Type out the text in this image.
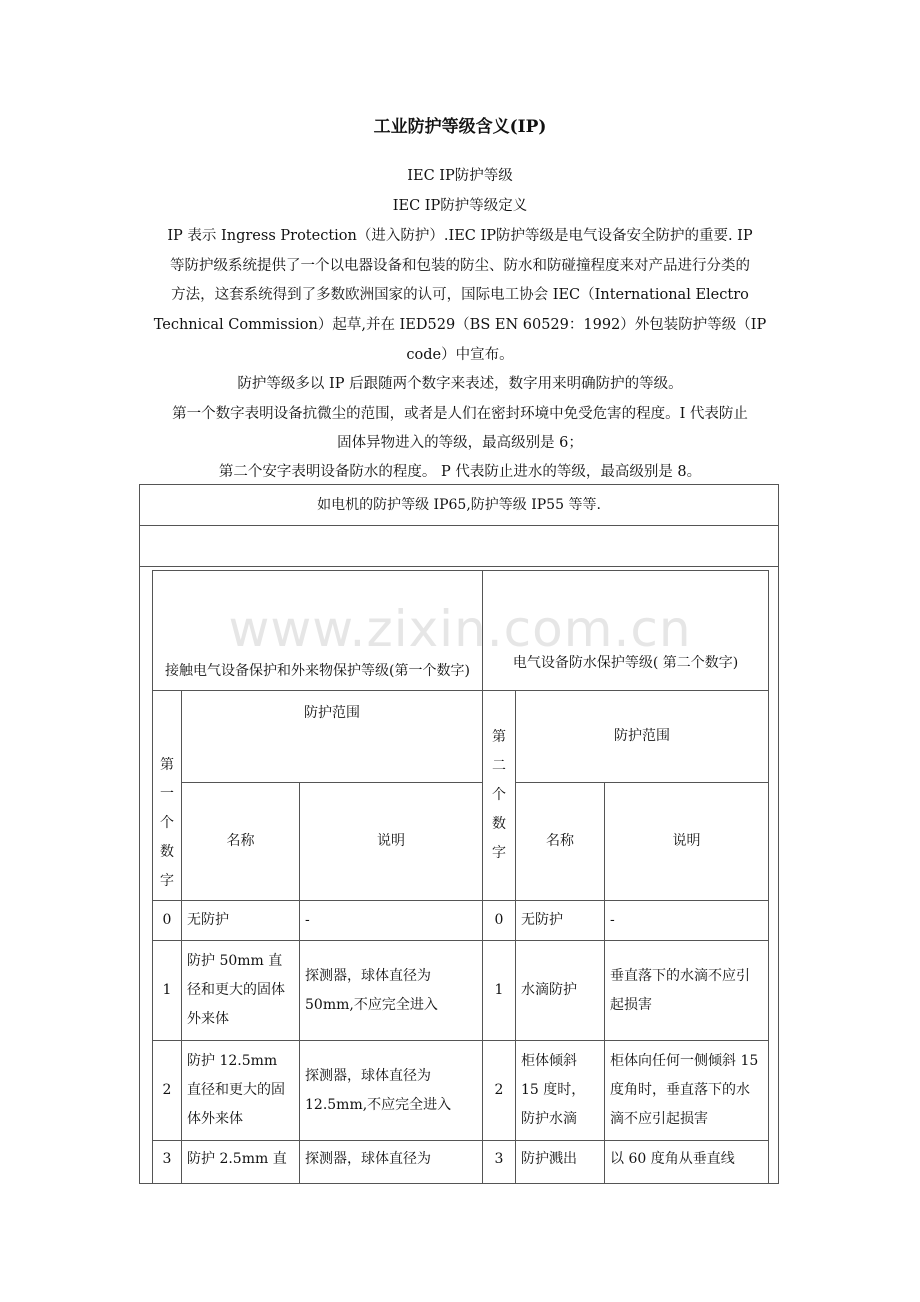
www.zixin.com.cn
工业防护等级含义(IP)
IEC IP防护等级
IEC IP防护等级定义
IP 表示 Ingress Protection（进入防护）.IEC IP防护等级是电气设备安全防护的重要. IP
等防护级系统提供了一个以电器设备和包装的防尘、防水和防碰撞程度来对产品进行分类的
方法，这套系统得到了多数欧洲国家的认可，国际电工协会 IEC（International Electro
Technical Commission）起草,并在 IED529（BS EN 60529：1992）外包装防护等级（IP
code）中宣布。
防护等级多以 IP 后跟随两个数字来表述，数字用来明确防护的等级。
第一个数字表明设备抗微尘的范围，或者是人们在密封环境中免受危害的程度。I 代表防止
固体异物进入的等级，最高级别是 6；
第二个安字表明设备防水的程度。 P 代表防止进水的等级，最高级别是 8。
如电机的防护等级 IP65,防护等级 IP55 等等.
接触电气设备保护和外来物保护等级(第一个数字)			电气设备防水保护等级( 第二个数字)		
第一个数字	防护范围		第二个数字	防护范围	
	名称	说明		名称	说明
0	无防护	-	0	无防护	-
1	防护 50mm 直径和更大的固体外来体	探测器，球体直径为 50mm,不应完全进入	1	水滴防护	垂直落下的水滴不应引起损害
2	防护 12.5mm 直径和更大的固体外来体	探测器，球体直径为 12.5mm,不应完全进入	2	柜体倾斜 15 度时，防护水滴	柜体向任何一侧倾斜 15 度角时，垂直落下的水滴不应引起损害
3	防护 2.5mm 直	探测器，球体直径为	3	防护溅出	以 60 度角从垂直线
